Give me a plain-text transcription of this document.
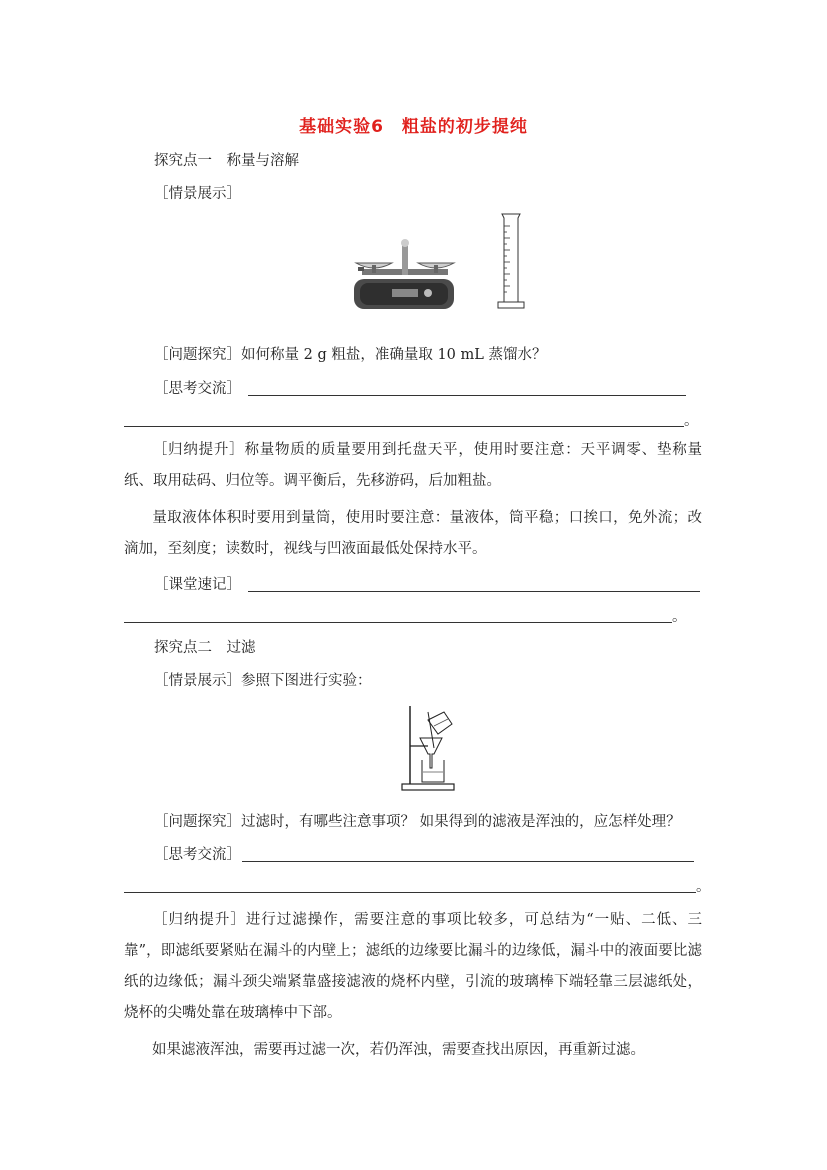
基础实验6　粗盐的初步提纯
探究点一　称量与溶解
［情景展示］
［问题探究］如何称量 2 g 粗盐，准确量取 10 mL 蒸馏水？
［思考交流］
。
［归纳提升］称量物质的质量要用到托盘天平，使用时要注意：天平调零、垫称量纸、取用砝码、归位等。调平衡后，先移游码，后加粗盐。
量取液体体积时要用到量筒，使用时要注意：量液体，筒平稳；口挨口，免外流；改滴加，至刻度；读数时，视线与凹液面最低处保持水平。
［课堂速记］
。
探究点二　过滤
［情景展示］参照下图进行实验：
［问题探究］过滤时，有哪些注意事项？ 如果得到的滤液是浑浊的，应怎样处理？
［思考交流］
。
［归纳提升］进行过滤操作，需要注意的事项比较多，可总结为“一贴、二低、三靠”，即滤纸要紧贴在漏斗的内壁上；滤纸的边缘要比漏斗的边缘低，漏斗中的液面要比滤纸的边缘低；漏斗颈尖端紧靠盛接滤液的烧杯内壁，引流的玻璃棒下端轻靠三层滤纸处，烧杯的尖嘴处靠在玻璃棒中下部。
如果滤液浑浊，需要再过滤一次，若仍浑浊，需要查找出原因，再重新过滤。
